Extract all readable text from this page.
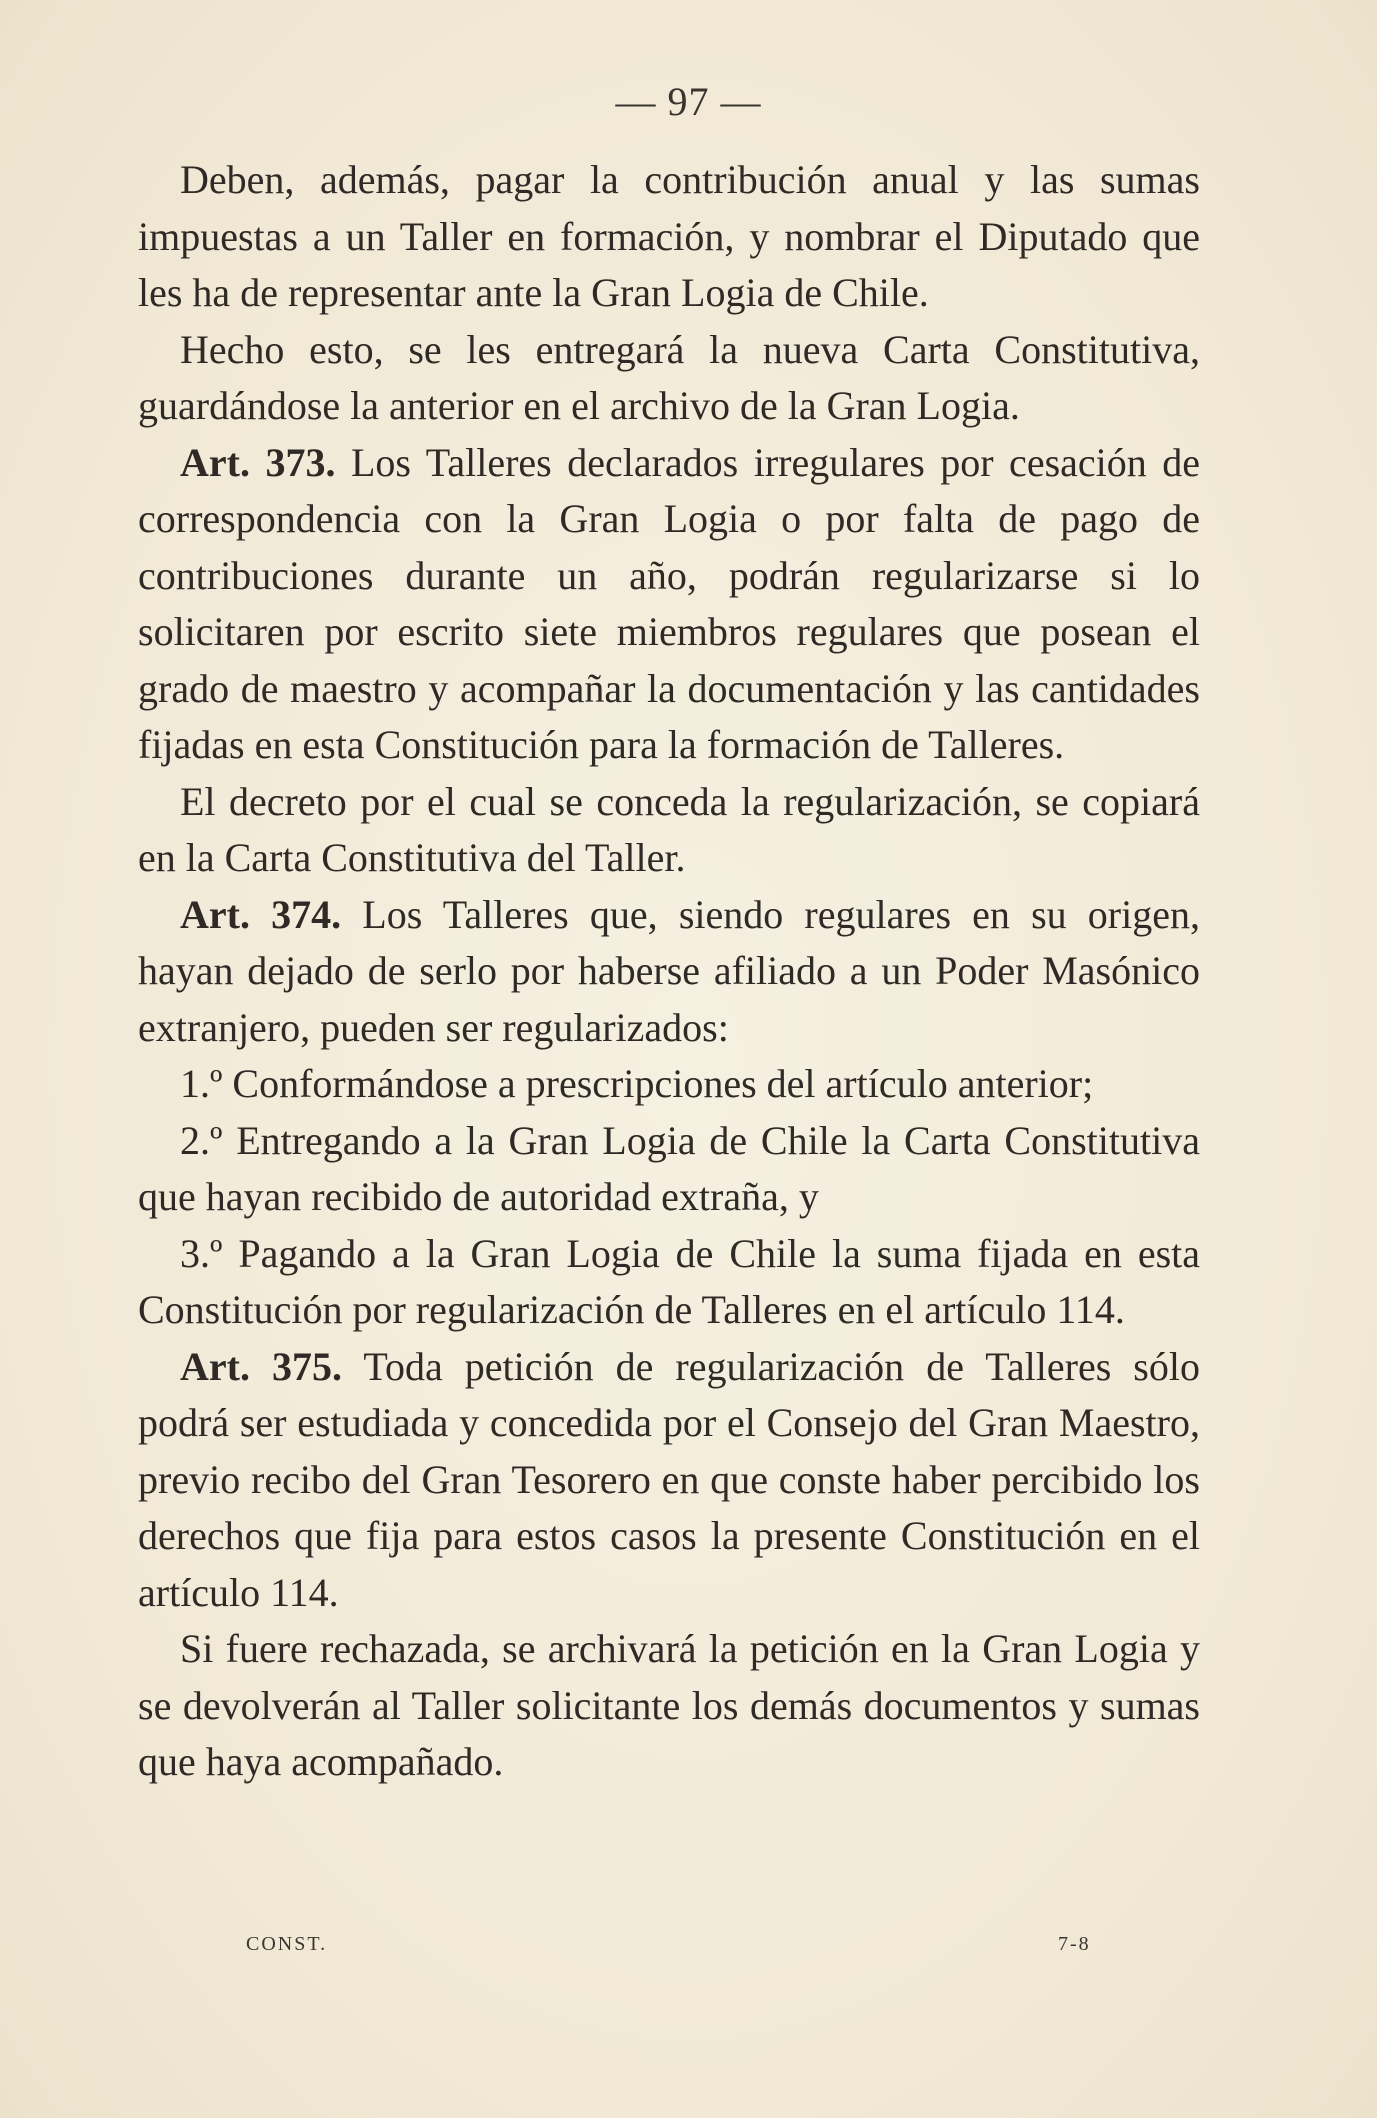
— 97 —

Deben, además, pagar la contribución anual y las sumas impuestas a un Taller en formación, y nombrar el Diputado que les ha de representar ante la Gran Logia de Chile.

Hecho esto, se les entregará la nueva Carta Constitutiva, guardándose la anterior en el archivo de la Gran Logia.

Art. 373. Los Talleres declarados irregulares por cesación de correspondencia con la Gran Logia o por falta de pago de contribuciones durante un año, podrán regularizarse si lo solicitaren por escrito siete miembros regulares que posean el grado de maestro y acompañar la documentación y las cantidades fijadas en esta Constitución para la formación de Talleres.

El decreto por el cual se conceda la regularización, se copiará en la Carta Constitutiva del Taller.

Art. 374. Los Talleres que, siendo regulares en su origen, hayan dejado de serlo por haberse afiliado a un Poder Masónico extranjero, pueden ser regularizados:

1.º Conformándose a prescripciones del artículo anterior;

2.º Entregando a la Gran Logia de Chile la Carta Constitutiva que hayan recibido de autoridad extraña, y

3.º Pagando a la Gran Logia de Chile la suma fijada en esta Constitución por regularización de Talleres en el artículo 114.

Art. 375. Toda petición de regularización de Talleres sólo podrá ser estudiada y concedida por el Consejo del Gran Maestro, previo recibo del Gran Tesorero en que conste haber percibido los derechos que fija para estos casos la presente Constitución en el artículo 114.

Si fuere rechazada, se archivará la petición en la Gran Logia y se devolverán al Taller solicitante los demás documentos y sumas que haya acompañado.

CONST.	7-8
